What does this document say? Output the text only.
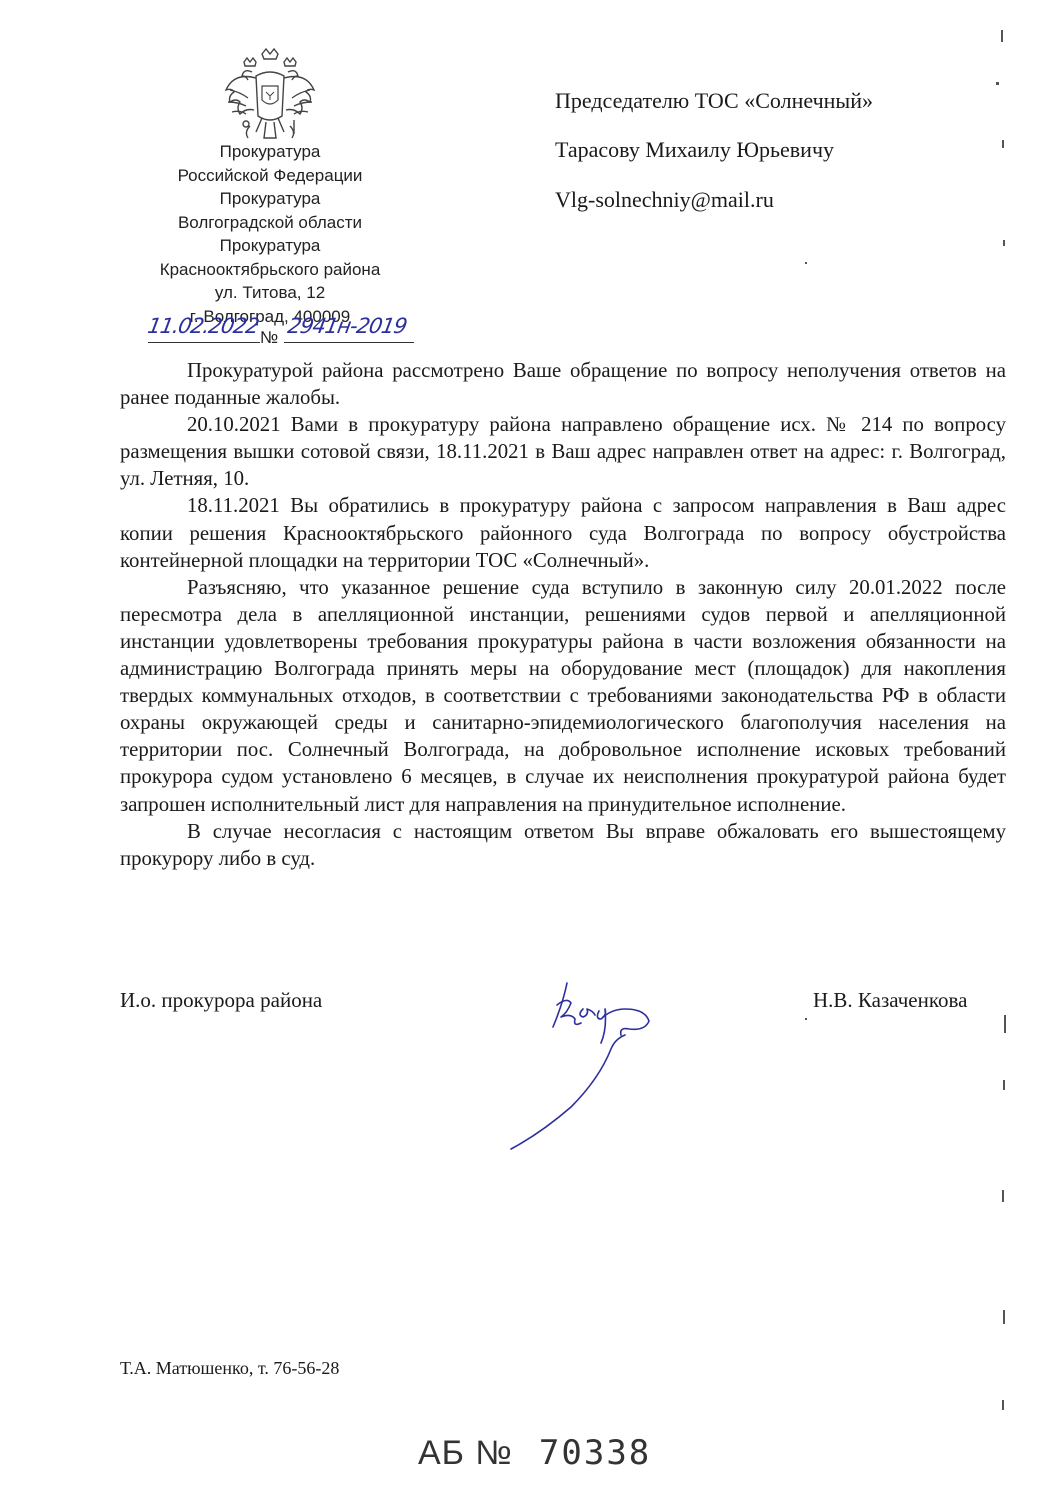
Прокуратура
Российской Федерации
Прокуратура
Волгоградской области
Прокуратура
Краснооктябрьского района
ул. Титова, 12
г. Волгоград, 400009
11.02.2022 № 2941н-2019
Председателю ТОС «Солнечный»
Тарасову Михаилу Юрьевичу
Vlg-solnechniy@mail.ru

Прокуратурой района рассмотрено Ваше обращение по вопросу неполучения ответов на ранее поданные жалобы.

20.10.2021 Вами в прокуратуру района направлено обращение исх. № 214 по вопросу размещения вышки сотовой связи, 18.11.2021 в Ваш адрес направлен ответ на адрес: г. Волгоград, ул. Летняя, 10.

18.11.2021 Вы обратились в прокуратуру района с запросом направления в Ваш адрес копии решения Краснооктябрьского районного суда Волгограда по вопросу обустройства контейнерной площадки на территории ТОС «Солнечный».

Разъясняю, что указанное решение суда вступило в законную силу 20.01.2022 после пересмотра дела в апелляционной инстанции, решениями судов первой и апелляционной инстанции удовлетворены требования прокуратуры района в части возложения обязанности на администрацию Волгограда принять меры на оборудование мест (площадок) для накопления твердых коммунальных отходов, в соответствии с требованиями законодательства РФ в области охраны окружающей среды и санитарно-эпидемиологического благополучия населения на территории пос. Солнечный Волгограда, на добровольное исполнение исковых требований прокурора судом установлено 6 месяцев, в случае их неисполнения прокуратурой района будет запрошен исполнительный лист для направления на принудительное исполнение.

В случае несогласия с настоящим ответом Вы вправе обжаловать его вышестоящему прокурору либо в суд.

И.о. прокурора района	Н.В. Казаченкова
Т.А. Матюшенко, т. 76-56-28
АБ № 70338
